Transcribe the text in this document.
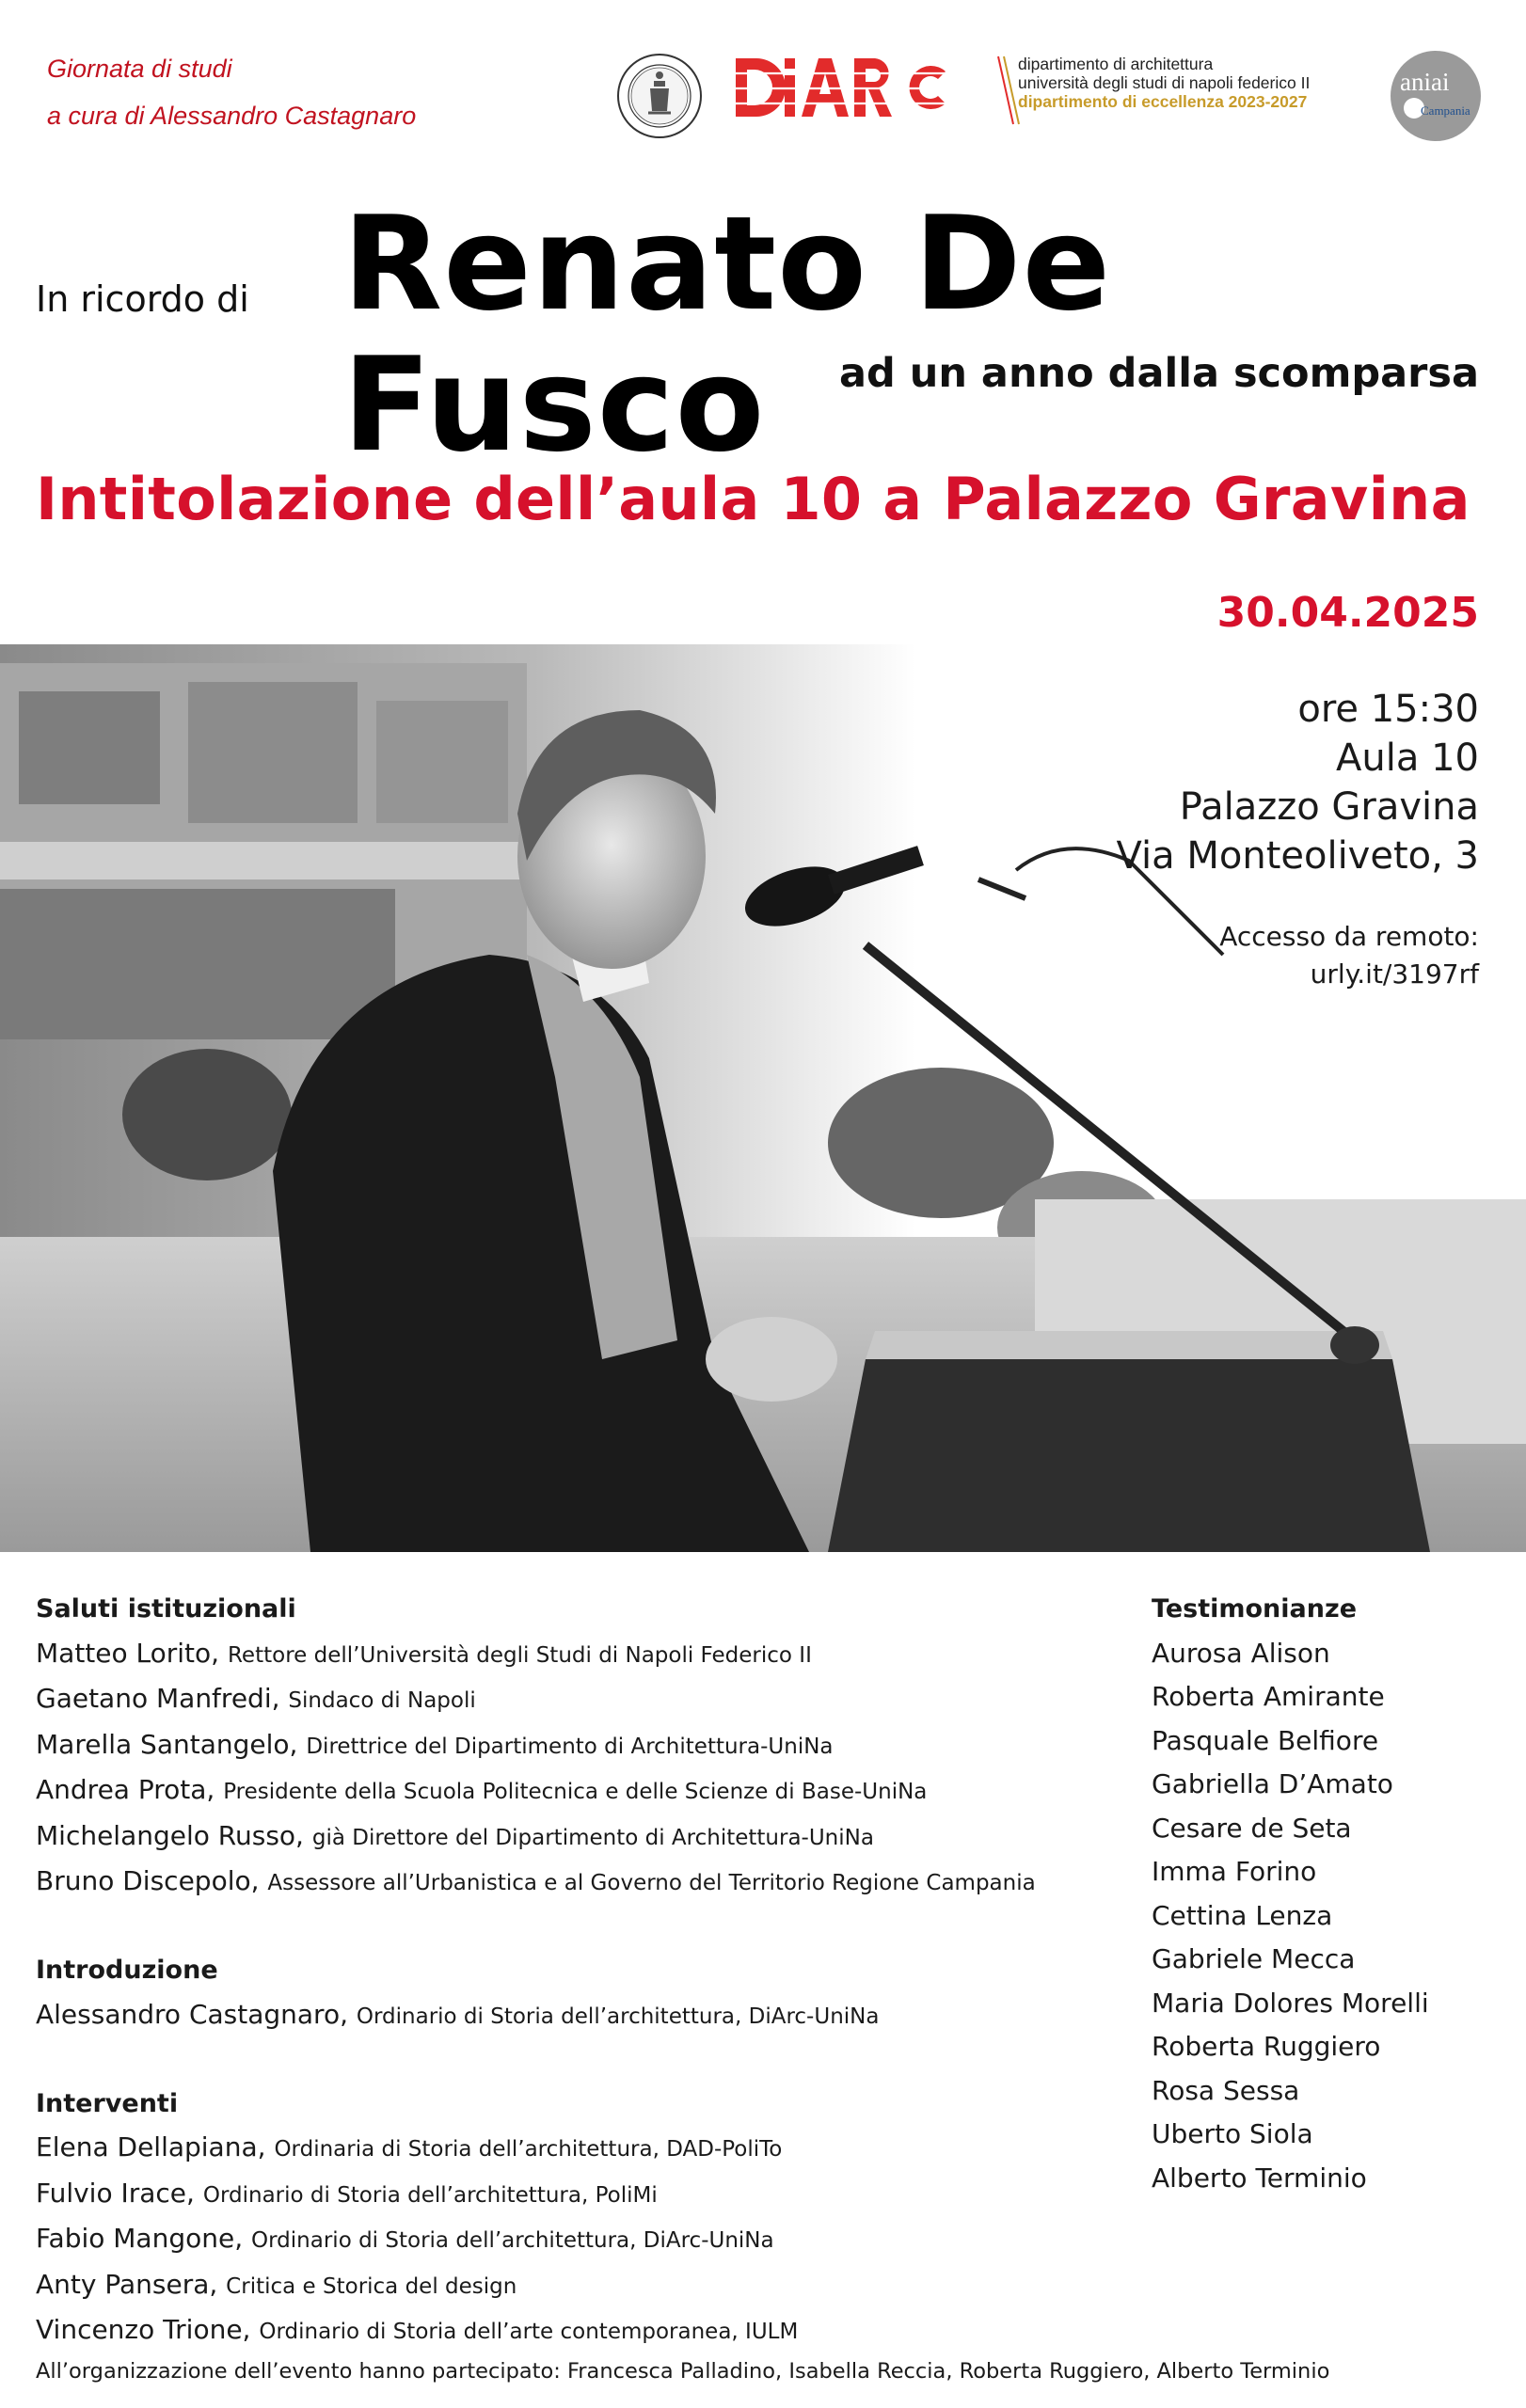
Giornata di studi
a cura di Alessandro Castagnaro
dipartimento di architettura
università degli studi di napoli federico II
dipartimento di eccellenza 2023-2027
aniai
Campania
In ricordo di Renato De Fusco	ad un anno dalla scomparsa
Intitolazione dell’aula 10 a Palazzo Gravina
30.04.2025
ore 15:30
Aula 10
Palazzo Gravina
Via Monteoliveto, 3
Accesso da remoto:
urly.it/3197rf
Saluti istituzionali
Matteo Lorito, Rettore dell’Università degli Studi di Napoli Federico II
Gaetano Manfredi, Sindaco di Napoli
Marella Santangelo, Direttrice del Dipartimento di Architettura-UniNa
Andrea Prota, Presidente della Scuola Politecnica e delle Scienze di Base-UniNa
Michelangelo Russo, già Direttore del Dipartimento di Architettura-UniNa
Bruno Discepolo, Assessore all’Urbanistica e al Governo del Territorio Regione Campania
Introduzione
Alessandro Castagnaro, Ordinario di Storia dell’architettura, DiArc-UniNa
Interventi
Elena Dellapiana, Ordinaria di Storia dell’architettura, DAD-PoliTo
Fulvio Irace, Ordinario di Storia dell’architettura, PoliMi
Fabio Mangone, Ordinario di Storia dell’architettura, DiArc-UniNa
Anty Pansera, Critica e Storica del design
Vincenzo Trione, Ordinario di Storia dell’arte contemporanea, IULM
Testimonianze
Aurosa Alison
Roberta Amirante
Pasquale Belfiore
Gabriella D’Amato
Cesare de Seta
Imma Forino
Cettina Lenza
Gabriele Mecca
Maria Dolores Morelli
Roberta Ruggiero
Rosa Sessa
Uberto Siola
Alberto Terminio
All’organizzazione dell’evento hanno partecipato: Francesca Palladino, Isabella Reccia, Roberta Ruggiero, Alberto Terminio
